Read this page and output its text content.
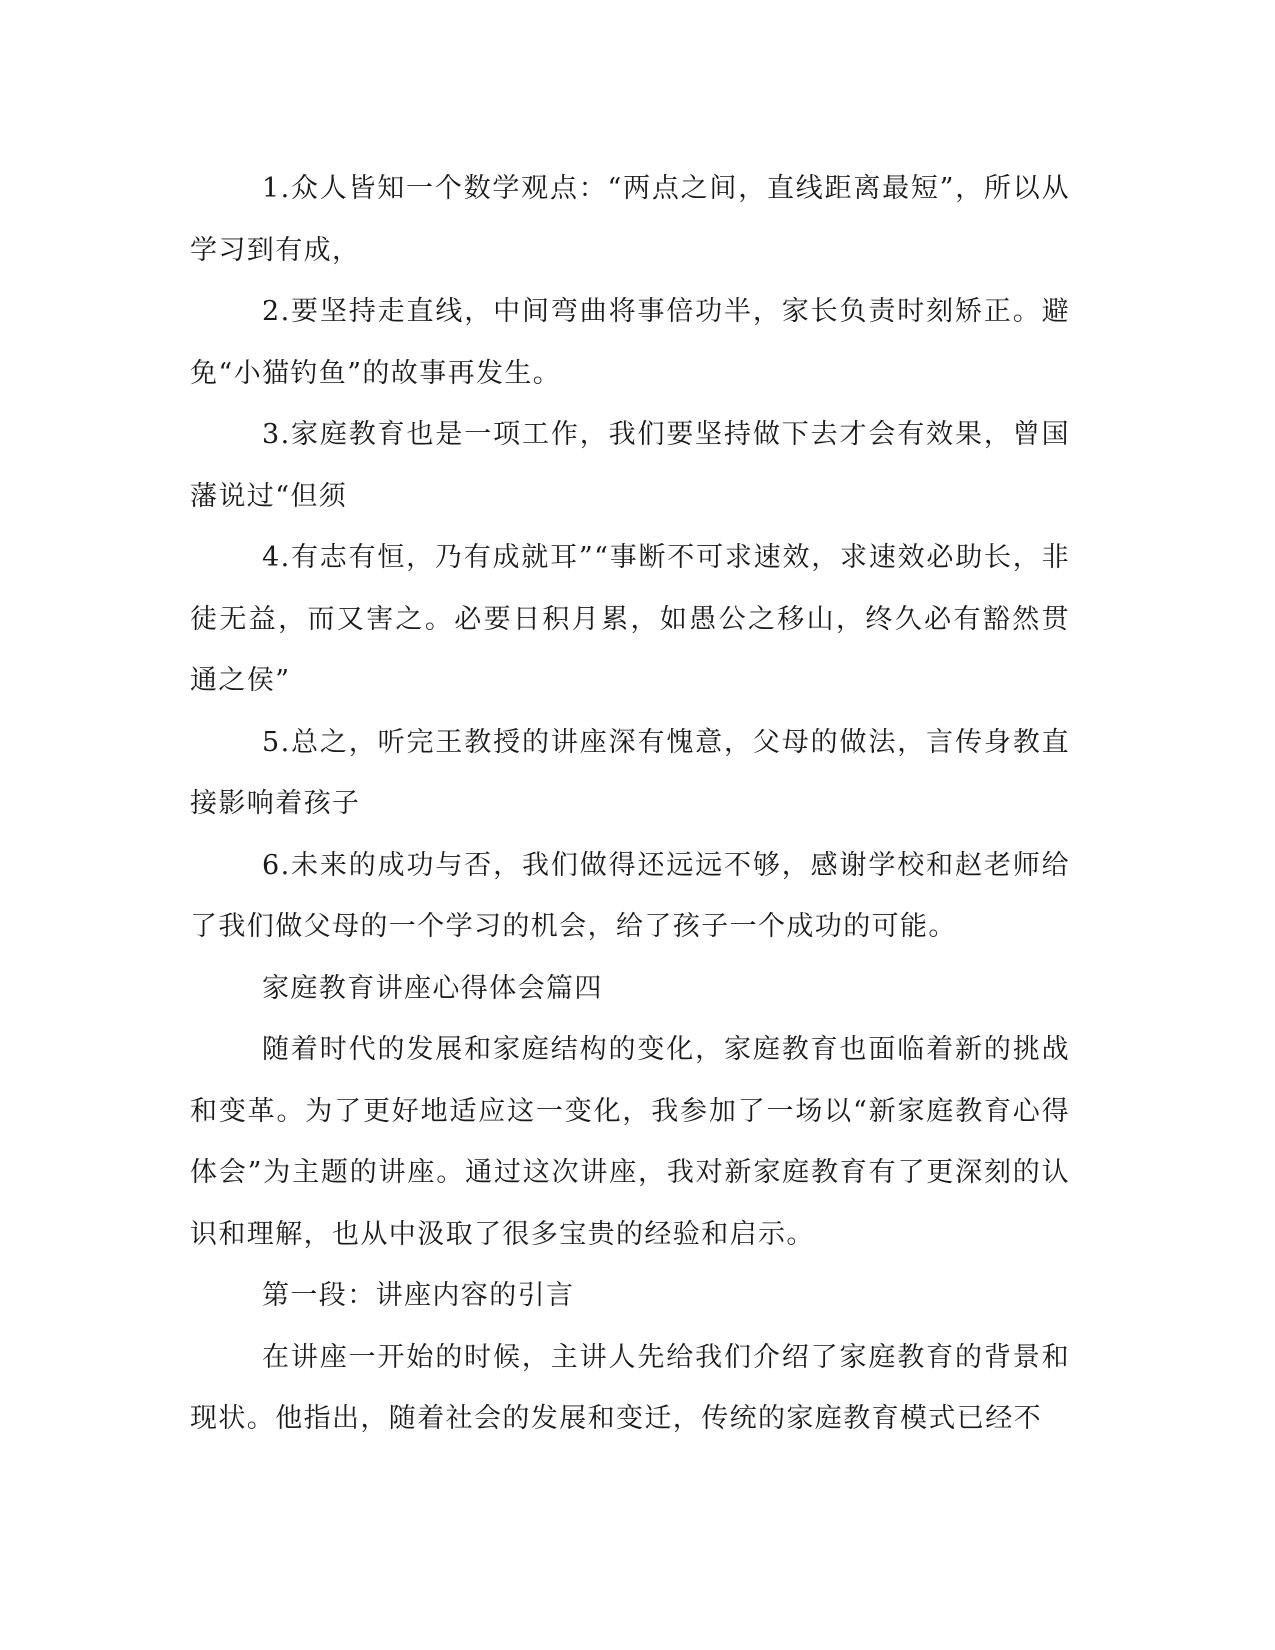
1.众人皆知一个数学观点：“两点之间，直线距离最短”，所以从学习到有成，

2.要坚持走直线，中间弯曲将事倍功半，家长负责时刻矫正。避免“小猫钓鱼”的故事再发生。

3.家庭教育也是一项工作，我们要坚持做下去才会有效果，曾国藩说过“但须

4.有志有恒，乃有成就耳”“事断不可求速效，求速效必助长，非徒无益，而又害之。必要日积月累，如愚公之移山，终久必有豁然贯通之侯”

5.总之，听完王教授的讲座深有愧意，父母的做法，言传身教直接影响着孩子

6.未来的成功与否，我们做得还远远不够，感谢学校和赵老师给了我们做父母的一个学习的机会，给了孩子一个成功的可能。

家庭教育讲座心得体会篇四

随着时代的发展和家庭结构的变化，家庭教育也面临着新的挑战和变革。为了更好地适应这一变化，我参加了一场以“新家庭教育心得体会”为主题的讲座。通过这次讲座，我对新家庭教育有了更深刻的认识和理解，也从中汲取了很多宝贵的经验和启示。

第一段：讲座内容的引言

在讲座一开始的时候，主讲人先给我们介绍了家庭教育的背景和现状。他指出，随着社会的发展和变迁，传统的家庭教育模式已经不
